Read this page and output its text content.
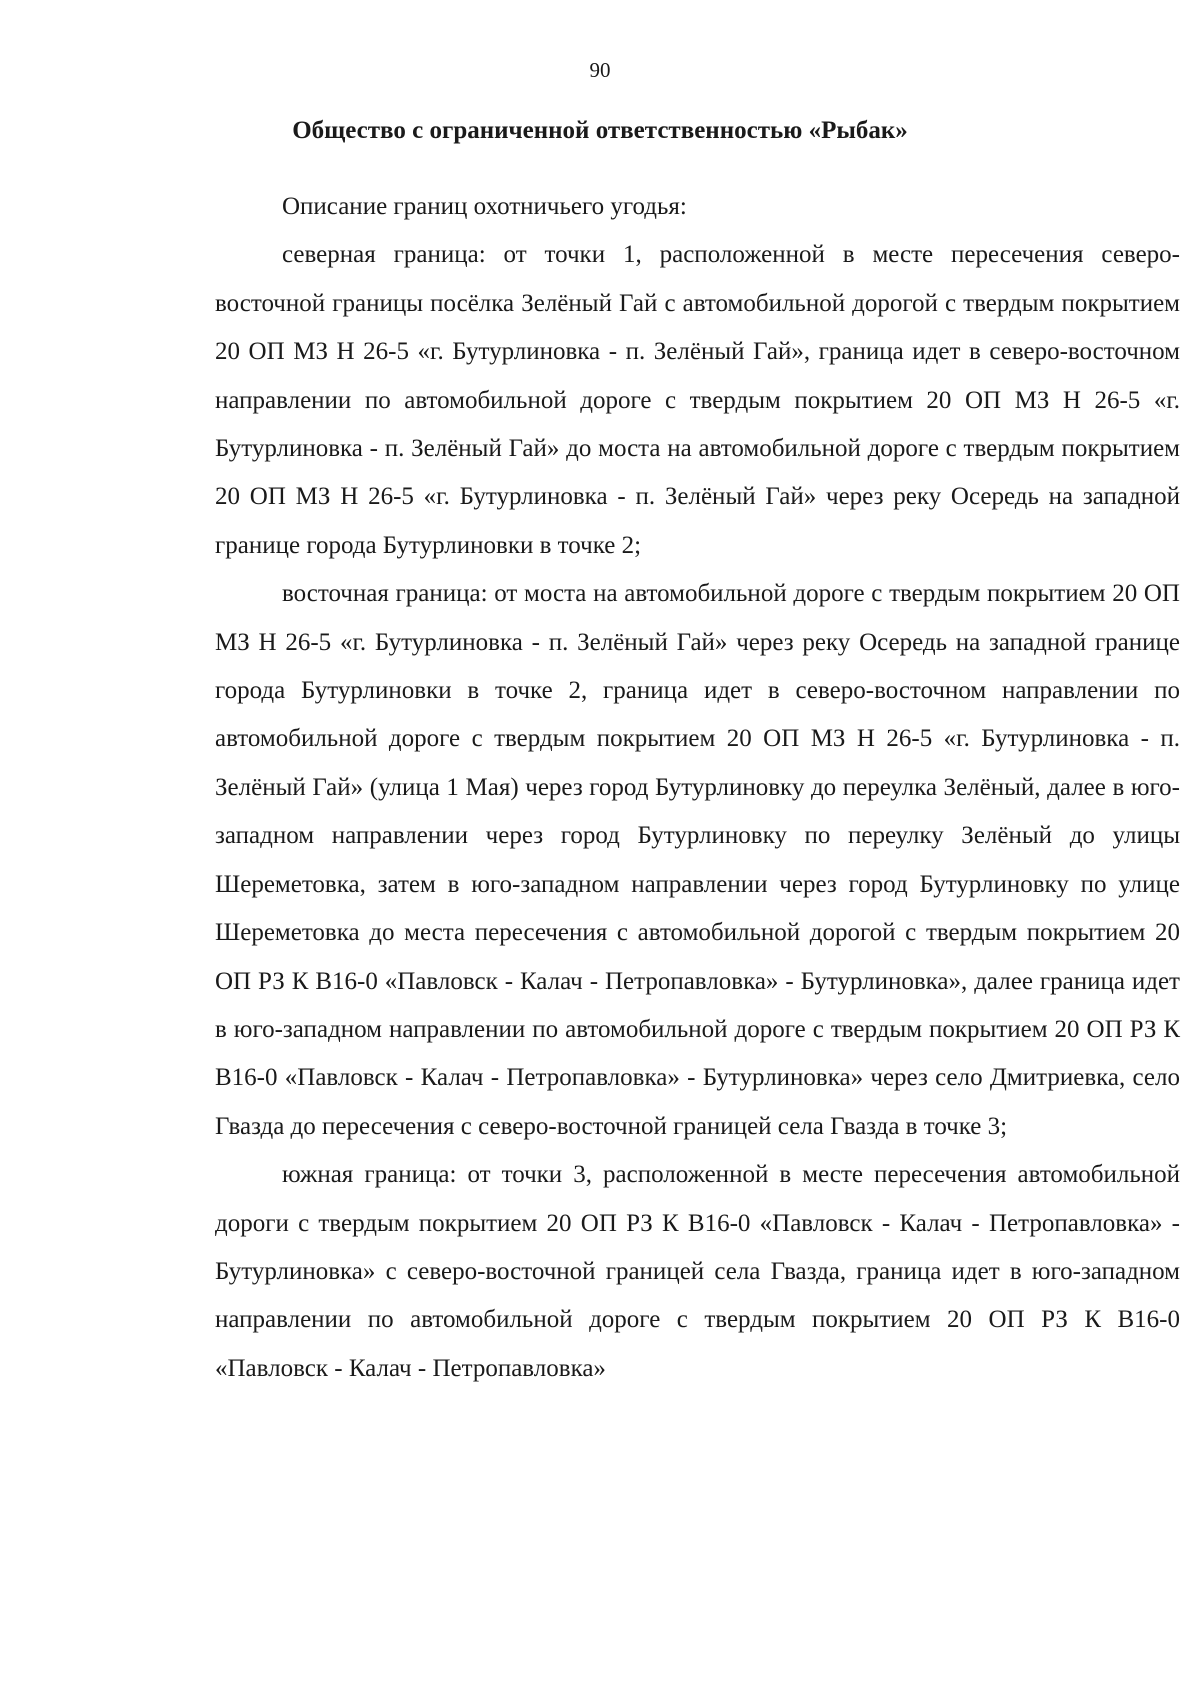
90
Общество с ограниченной ответственностью «Рыбак»

Описание границ охотничьего угодья:

северная граница: от точки 1, расположенной в месте пересечения северо-восточной границы посёлка Зелёный Гай с автомобильной дорогой с твердым покрытием 20 ОП МЗ Н 26-5 «г. Бутурлиновка - п. Зелёный Гай», граница идет в северо-восточном направлении по автомобильной дороге с твердым покрытием 20 ОП МЗ Н 26-5 «г. Бутурлиновка - п. Зелёный Гай» до моста на автомобильной дороге с твердым покрытием 20 ОП МЗ Н 26-5 «г. Бутурлиновка - п. Зелёный Гай» через реку Осередь на западной границе города Бутурлиновки в точке 2;

восточная граница: от моста на автомобильной дороге с твердым покрытием 20 ОП МЗ Н 26-5 «г. Бутурлиновка - п. Зелёный Гай» через реку Осередь на западной границе города Бутурлиновки в точке 2, граница идет в северо-восточном направлении по автомобильной дороге с твердым покрытием 20 ОП МЗ Н 26-5 «г. Бутурлиновка - п. Зелёный Гай» (улица 1 Мая) через город Бутурлиновку до переулка Зелёный, далее в юго-западном направлении через город Бутурлиновку по переулку Зелёный до улицы Шереметовка, затем в юго-западном направлении через город Бутурлиновку по улице Шереметовка до места пересечения с автомобильной дорогой с твердым покрытием 20 ОП РЗ К В16-0 «Павловск - Калач - Петропавловка» - Бутурлиновка», далее граница идет в юго-западном направлении по автомобильной дороге с твердым покрытием 20 ОП РЗ К В16-0 «Павловск - Калач - Петропавловка» - Бутурлиновка» через село Дмитриевка, село Гвазда до пересечения с северо-восточной границей села Гвазда в точке 3;

южная граница: от точки 3, расположенной в месте пересечения автомобильной дороги с твердым покрытием 20 ОП РЗ К В16-0 «Павловск - Калач - Петропавловка» - Бутурлиновка» с северо-восточной границей села Гвазда, граница идет в юго-западном направлении по автомобильной дороге с твердым покрытием 20 ОП РЗ К В16-0 «Павловск - Калач - Петропавловка»
